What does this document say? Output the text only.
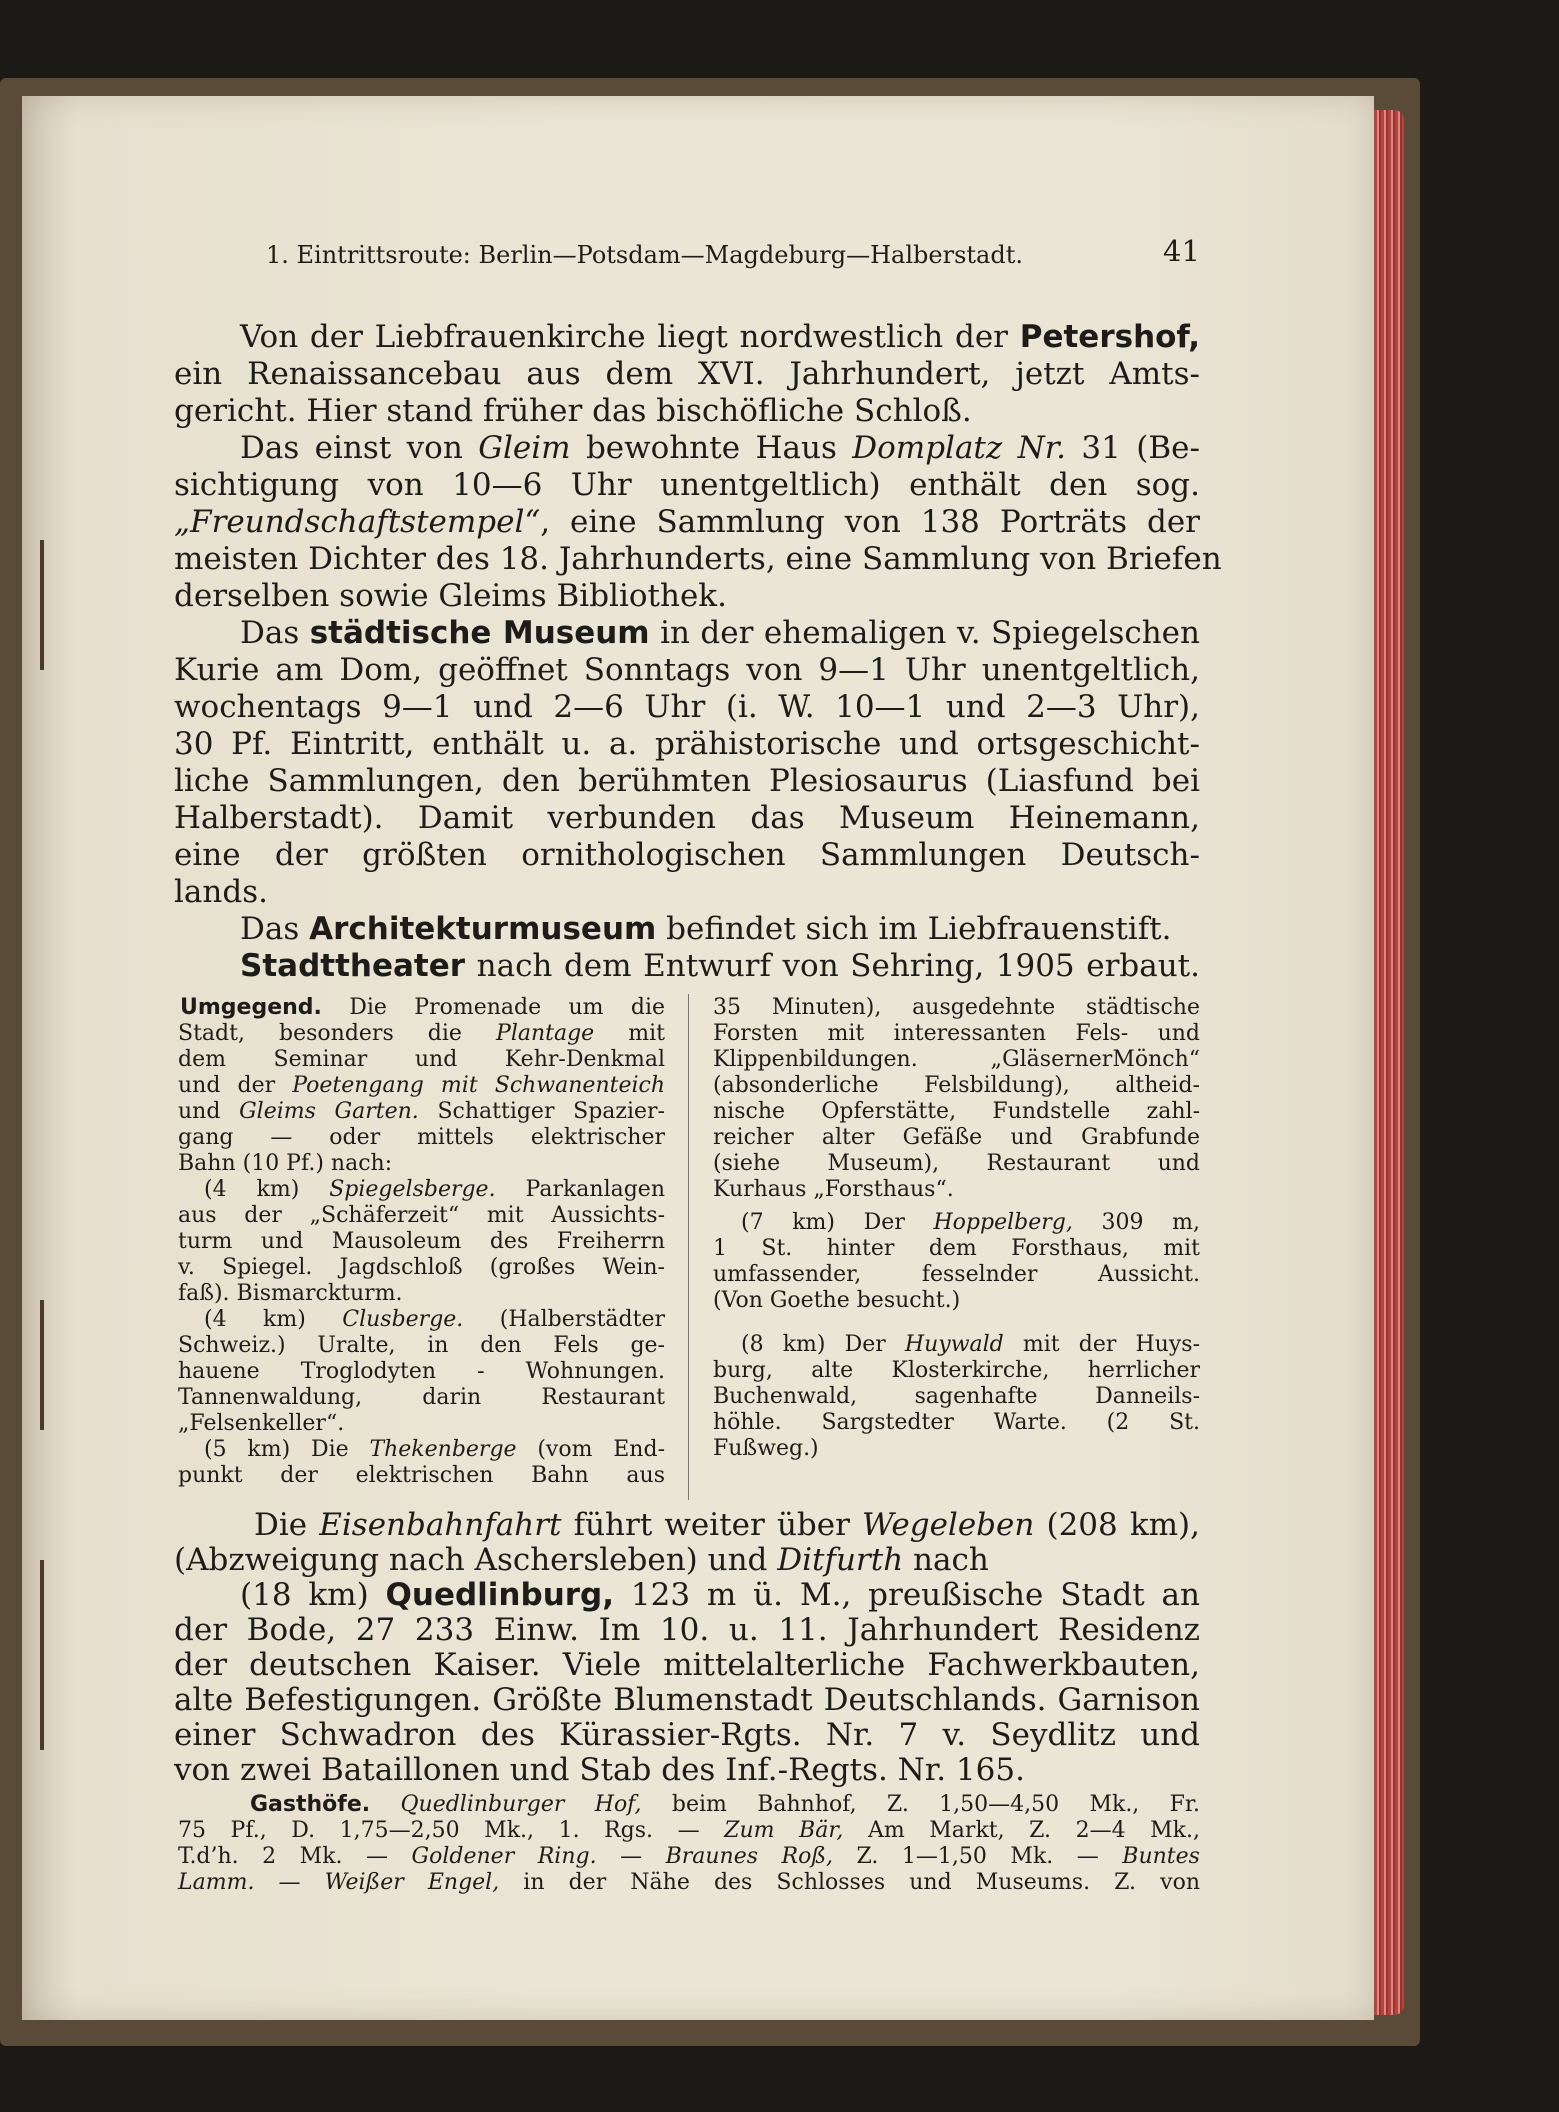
1. Eintrittsroute: Berlin—Potsdam—Magdeburg—Halberstadt.	41

Von der Liebfrauenkirche liegt nordwestlich der Petershof,

ein Renaissancebau aus dem XVI. Jahrhundert, jetzt Amts-

gericht. Hier stand früher das bischöfliche Schloß.

Das einst von Gleim bewohnte Haus Domplatz Nr. 31 (Be-

sichtigung von 10—6 Uhr unentgeltlich) enthält den sog.

„Freundschaftstempel“, eine Sammlung von 138 Porträts der

meisten Dichter des 18. Jahrhunderts, eine Sammlung von Briefen

derselben sowie Gleims Bibliothek.

Das städtische Museum in der ehemaligen v. Spiegelschen

Kurie am Dom, geöffnet Sonntags von 9—1 Uhr unentgeltlich,

wochentags 9—1 und 2—6 Uhr (i. W. 10—1 und 2—3 Uhr),

30 Pf. Eintritt, enthält u. a. prähistorische und ortsgeschicht-

liche Sammlungen, den berühmten Plesiosaurus (Liasfund bei

Halberstadt). Damit verbunden das Museum Heinemann,

eine der größten ornithologischen Sammlungen Deutsch-

lands.

Das Architekturmuseum befindet sich im Liebfrauenstift.

Stadttheater nach dem Entwurf von Sehring, 1905 erbaut.

Umgegend. Die Promenade um die

Stadt, besonders die Plantage mit

dem Seminar und Kehr-Denkmal

und der Poetengang mit Schwanenteich

und Gleims Garten. Schattiger Spazier-

gang — oder mittels elektrischer

Bahn (10 Pf.) nach:

(4 km) Spiegelsberge. Parkanlagen

aus der „Schäferzeit“ mit Aussichts-

turm und Mausoleum des Freiherrn

v. Spiegel. Jagdschloß (großes Wein-

faß). Bismarckturm.

(4 km) Clusberge. (Halberstädter

Schweiz.) Uralte, in den Fels ge-

hauene Troglodyten - Wohnungen.

Tannenwaldung, darin Restaurant

„Felsenkeller“.

(5 km) Die Thekenberge (vom End-

punkt der elektrischen Bahn aus

35 Minuten), ausgedehnte städtische

Forsten mit interessanten Fels- und

Klippenbildungen. „GläsernerMönch“

(absonderliche Felsbildung), altheid-

nische Opferstätte, Fundstelle zahl-

reicher alter Gefäße und Grabfunde

(siehe Museum), Restaurant und

Kurhaus „Forsthaus“.

(7 km) Der Hoppelberg, 309 m,

1 St. hinter dem Forsthaus, mit

umfassender, fesselnder Aussicht.

(Von Goethe besucht.)

(8 km) Der Huywald mit der Huys-

burg, alte Klosterkirche, herrlicher

Buchenwald, sagenhafte Danneils-

höhle. Sargstedter Warte. (2 St.

Fußweg.)

Die Eisenbahnfahrt führt weiter über Wegeleben (208 km),

(Abzweigung nach Aschersleben) und Ditfurth nach

(18 km) Quedlinburg, 123 m ü. M., preußische Stadt an

der Bode, 27 233 Einw. Im 10. u. 11. Jahrhundert Residenz

der deutschen Kaiser. Viele mittelalterliche Fachwerkbauten,

alte Befestigungen. Größte Blumenstadt Deutschlands. Garnison

einer Schwadron des Kürassier-Rgts. Nr. 7 v. Seydlitz und

von zwei Bataillonen und Stab des Inf.-Regts. Nr. 165.

Gasthöfe. Quedlinburger Hof, beim Bahnhof, Z. 1,50—4,50 Mk., Fr.

75 Pf., D. 1,75—2,50 Mk., 1. Rgs. — Zum Bär, Am Markt, Z. 2—4 Mk.,

T.d’h. 2 Mk. — Goldener Ring. — Braunes Roß, Z. 1—1,50 Mk. — Buntes

Lamm. — Weißer Engel, in der Nähe des Schlosses und Museums. Z. von
